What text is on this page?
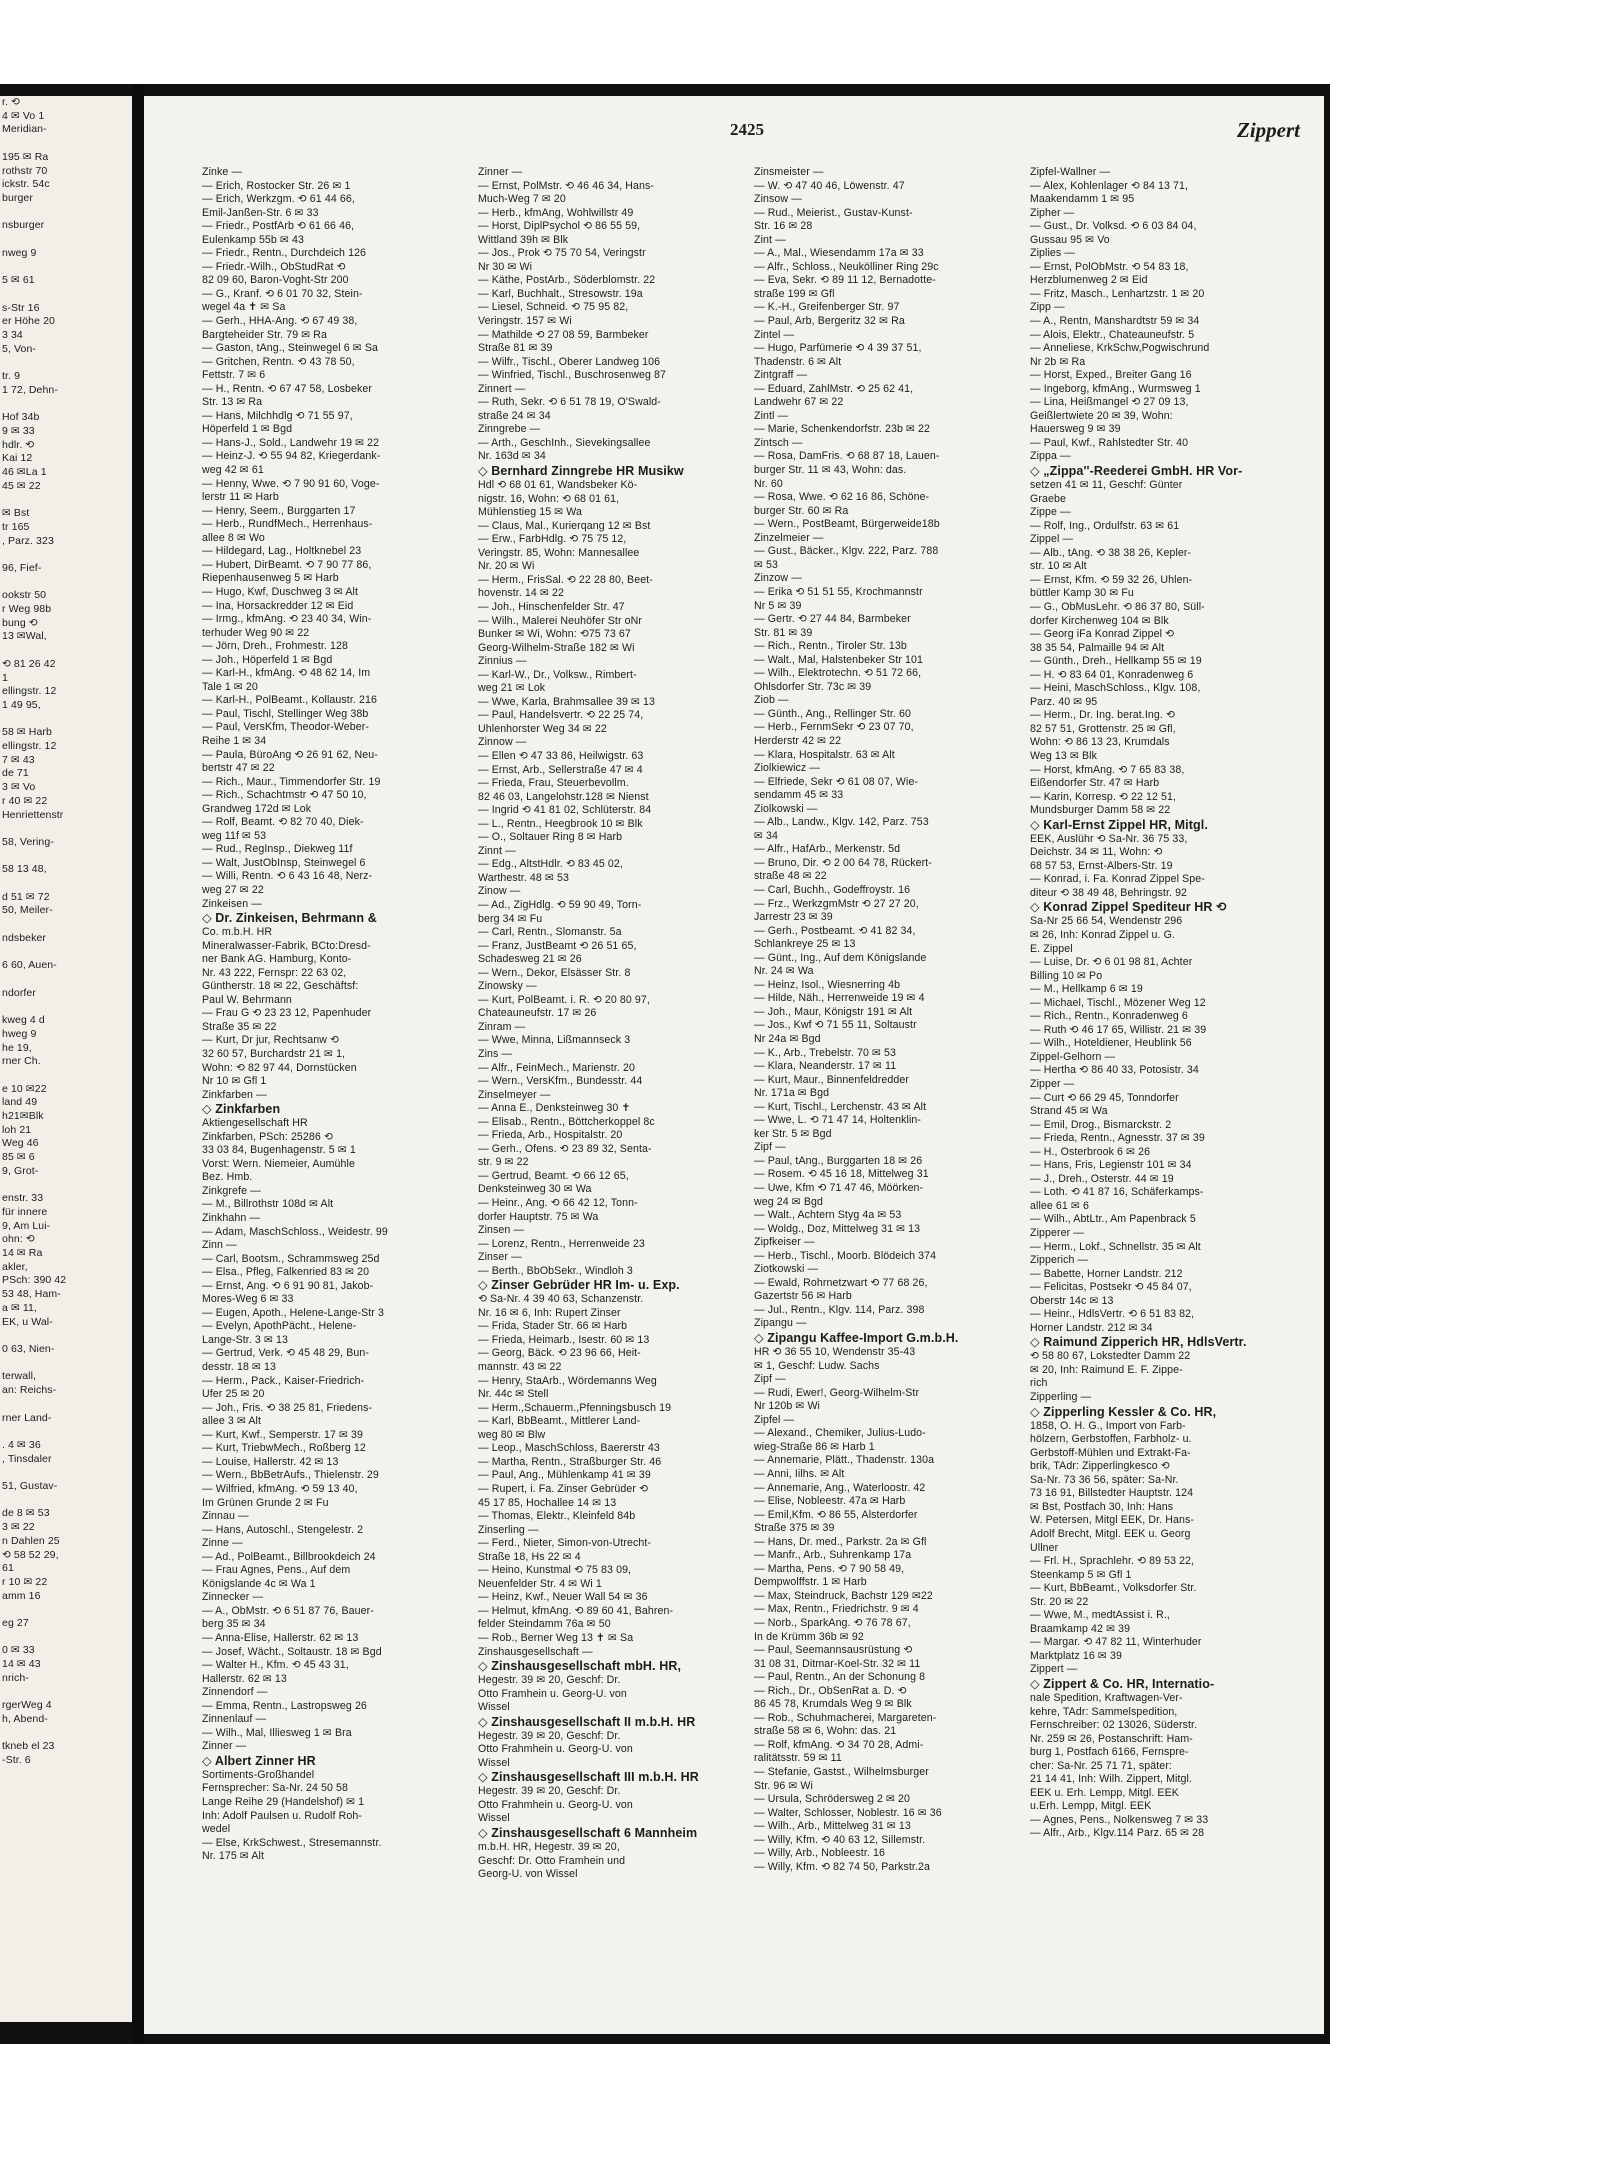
r. ⟲
4 ✉ Vo 1
Meridian-

195 ✉ Ra
rothstr 70
ickstr. 54c
burger

nsburger

nweg 9

5 ✉ 61

s-Str 16
er Höhe 20
3 34
5, Von-

tr. 9
1 72, Dehn-

Hof 34b
9 ✉ 33
hdlr. ⟲
Kai 12
46 ✉La 1
45 ✉ 22

✉ Bst
tr 165
, Parz. 323

96, Fief-

ookstr 50
r Weg 98b
bung ⟲
13 ✉Wal,

⟲ 81 26 42
1
ellingstr. 12
1 49 95,

58 ✉ Harb
ellingstr. 12
7 ✉ 43
de 71
3 ✉ Vo
r 40 ✉ 22
Henriettenstr

58, Vering-

58 13 48,

d 51 ✉ 72
50, Meiler-

ndsbeker

6 60, Auen-

ndorfer

kweg 4 d
hweg 9
he 19,
rner Ch.

e 10 ✉22
land 49
h21✉Blk
loh 21
Weg 46
85 ✉ 6
9, Grot-

enstr. 33
für innere
9, Am Lui-
ohn: ⟲
14 ✉ Ra
akler,
PSch: 390 42
53 48, Ham-
a ✉ 11,
EK, u Wal-

0 63, Nien-

terwall,
an: Reichs-

rner Land-

. 4 ✉ 36
, Tinsdaler

51, Gustav-

de 8 ✉ 53
3 ✉ 22
n Dahlen 25
⟲ 58 52 29,
61
r 10 ✉ 22
amm 16

eg 27

0 ✉ 33
14 ✉ 43
nrich-

rgerWeg 4
h, Abend-

tkneb el 23
-Str. 6
2425	Zippert
Zinke —
— Erich, Rostocker Str. 26 ✉ 1
— Erich, Werkzgm. ⟲ 61 44 66,
Emil-Janßen-Str. 6 ✉ 33
— Friedr., PostfArb ⟲ 61 66 46,
Eulenkamp 55b ✉ 43
— Friedr., Rentn., Durchdeich 126
— Friedr.-Wilh., ObStudRat ⟲
82 09 60, Baron-Voght-Str 200
— G., Kranf. ⟲ 6 01 70 32, Stein-
wegel 4a ✝ ✉ Sa
— Gerh., HHA-Ang. ⟲ 67 49 38,
Bargteheider Str. 79 ✉ Ra
— Gaston, tAng., Steinwegel 6 ✉ Sa
— Gritchen, Rentn. ⟲ 43 78 50,
Fettstr. 7 ✉ 6
— H., Rentn. ⟲ 67 47 58, Losbeker
Str. 13 ✉ Ra
— Hans, Milchhdlg ⟲ 71 55 97,
Höperfeld 1 ✉ Bgd
— Hans-J., Sold., Landwehr 19 ✉ 22
— Heinz-J. ⟲ 55 94 82, Kriegerdank-
weg 42 ✉ 61
— Henny, Wwe. ⟲ 7 90 91 60, Voge-
lerstr 11 ✉ Harb
— Henry, Seem., Burggarten 17
— Herb., RundfMech., Herrenhaus-
allee 8 ✉ Wo
— Hildegard, Lag., Holtknebel 23
— Hubert, DirBeamt. ⟲ 7 90 77 86,
Riepenhausenweg 5 ✉ Harb
— Hugo, Kwf, Duschweg 3 ✉ Alt
— Ina, Horsackredder 12 ✉ Eid
— Irmg., kfmAng. ⟲ 23 40 34, Win-
terhuder Weg 90 ✉ 22
— Jörn, Dreh., Frohmestr. 128
— Joh., Höperfeld 1 ✉ Bgd
— Karl-H., kfmAng. ⟲ 48 62 14, Im
Tale 1 ✉ 20
— Karl-H., PolBeamt., Kollaustr. 216
— Paul, Tischl, Stellinger Weg 38b
— Paul, VersKfm, Theodor-Weber-
Reihe 1 ✉ 34
— Paula, BüroAng ⟲ 26 91 62, Neu-
bertstr 47 ✉ 22
— Rich., Maur., Timmendorfer Str. 19
— Rich., Schachtmstr ⟲ 47 50 10,
Grandweg 172d ✉ Lok
— Rolf, Beamt. ⟲ 82 70 40, Diek-
weg 11f ✉ 53
— Rud., RegInsp., Diekweg 11f
— Walt, JustObInsp, Steinwegel 6
— Willi, Rentn. ⟲ 6 43 16 48, Nerz-
weg 27 ✉ 22
Zinkeisen —
◇ Dr. Zinkeisen, Behrmann &
Co. m.b.H. HR
Mineralwasser-Fabrik, BCto:Dresd-
ner Bank AG. Hamburg, Konto-
Nr. 43 222, Fernspr: 22 63 02,
Güntherstr. 18 ✉ 22, Geschäftsf:
Paul W. Behrmann
— Frau G ⟲ 23 23 12, Papenhuder
Straße 35 ✉ 22
— Kurt, Dr jur, Rechtsanw ⟲
32 60 57, Burchardstr 21 ✉ 1,
Wohn: ⟲ 82 97 44, Dornstücken
Nr 10 ✉ Gfl 1
Zinkfarben —
◇ Zinkfarben
Aktiengesellschaft HR
Zinkfarben, PSch: 25286 ⟲
33 03 84, Bugenhagenstr. 5 ✉ 1
Vorst: Wern. Niemeier, Aumühle
Bez. Hmb.
Zinkgrefe —
— M., Billrothstr 108d ✉ Alt
Zinkhahn —
— Adam, MaschSchloss., Weidestr. 99
Zinn —
— Carl, Bootsm., Schrammsweg 25d
— Elsa., Pfleg, Falkenried 83 ✉ 20
— Ernst, Ang. ⟲ 6 91 90 81, Jakob-
Mores-Weg 6 ✉ 33
— Eugen, Apoth., Helene-Lange-Str 3
— Evelyn, ApothPächt., Helene-
Lange-Str. 3 ✉ 13
— Gertrud, Verk. ⟲ 45 48 29, Bun-
desstr. 18 ✉ 13
— Herm., Pack., Kaiser-Friedrich-
Ufer 25 ✉ 20
— Joh., Fris. ⟲ 38 25 81, Friedens-
allee 3 ✉ Alt
— Kurt, Kwf., Semperstr. 17 ✉ 39
— Kurt, TriebwMech., Roßberg 12
— Louise, Hallerstr. 42 ✉ 13
— Wern., BbBetrAufs., Thielenstr. 29
— Wilfried, kfmAng. ⟲ 59 13 40,
Im Grünen Grunde 2 ✉ Fu
Zinnau —
— Hans, Autoschl., Stengelestr. 2
Zinne —
— Ad., PolBeamt., Billbrookdeich 24
— Frau Agnes, Pens., Auf dem
Königslande 4c ✉ Wa 1
Zinnecker —
— A., ObMstr. ⟲ 6 51 87 76, Bauer-
berg 35 ✉ 34
— Anna-Elise, Hallerstr. 62 ✉ 13
— Josef, Wächt., Soltaustr. 18 ✉ Bgd
— Walter H., Kfm. ⟲ 45 43 31,
Hallerstr. 62 ✉ 13
Zinnendorf —
— Emma, Rentn., Lastropsweg 26
Zinnenlauf —
— Wilh., Mal, Illiesweg 1 ✉ Bra
Zinner —
◇ Albert Zinner HR
Sortiments-Großhandel
Fernsprecher: Sa-Nr. 24 50 58
Lange Reihe 29 (Handelshof) ✉ 1
Inh: Adolf Paulsen u. Rudolf Roh-
wedel
— Else, KrkSchwest., Stresemannstr.
Nr. 175 ✉ Alt
Zinner —
— Ernst, PolMstr. ⟲ 46 46 34, Hans-
Much-Weg 7 ✉ 20
— Herb., kfmAng, Wohlwillstr 49
— Horst, DiplPsychol ⟲ 86 55 59,
Wittland 39h ✉ Blk
— Jos., Prok ⟲ 75 70 54, Veringstr
Nr 30 ✉ Wi
— Käthe, PostArb., Söderblomstr. 22
— Karl, Buchhalt., Stresowstr. 19a
— Liesel, Schneid. ⟲ 75 95 82,
Veringstr. 157 ✉ Wi
— Mathilde ⟲ 27 08 59, Barmbeker
Straße 81 ✉ 39
— Wilfr., Tischl., Oberer Landweg 106
— Winfried, Tischl., Buschrosenweg 87
Zinnert —
— Ruth, Sekr. ⟲ 6 51 78 19, O'Swald-
straße 24 ✉ 34
Zinngrebe —
— Arth., GeschInh., Sievekingsallee
Nr. 163d ✉ 34
◇ Bernhard Zinngrebe HR Musikw
Hdl ⟲ 68 01 61, Wandsbeker Kö-
nigstr. 16, Wohn: ⟲ 68 01 61,
Mühlenstieg 15 ✉ Wa
— Claus, Mal., Kurierqang 12 ✉ Bst
— Erw., FarbHdlg. ⟲ 75 75 12,
Veringstr. 85, Wohn: Mannesallee
Nr. 20 ✉ Wi
— Herm., FrisSal. ⟲ 22 28 80, Beet-
hovenstr. 14 ✉ 22
— Joh., Hinschenfelder Str. 47
— Wilh., Malerei Neuhöfer Str oNr
Bunker ✉ Wi, Wohn: ⟲75 73 67
Georg-Wilhelm-Straße 182 ✉ Wi
Zinnius —
— Karl-W., Dr., Volksw., Rimbert-
weg 21 ✉ Lok
— Wwe, Karla, Brahmsallee 39 ✉ 13
— Paul, Handelsvertr. ⟲ 22 25 74,
Uhlenhorster Weg 34 ✉ 22
Zinnow —
— Ellen ⟲ 47 33 86, Heilwigstr. 63
— Ernst, Arb., Sellerstraße 47 ✉ 4
— Frieda, Frau, Steuerbevollm.
82 46 03, Langelohstr.128 ✉ Nienst
— Ingrid ⟲ 41 81 02, Schlüterstr. 84
— L., Rentn., Heegbrook 10 ✉ Blk
— O., Soltauer Ring 8 ✉ Harb
Zinnt —
— Edg., AltstHdlr. ⟲ 83 45 02,
Warthestr. 48 ✉ 53
Zinow —
— Ad., ZigHdlg. ⟲ 59 90 49, Torn-
berg 34 ✉ Fu
— Carl, Rentn., Slomanstr. 5a
— Franz, JustBeamt ⟲ 26 51 65,
Schadesweg 21 ✉ 26
— Wern., Dekor, Elsässer Str. 8
Zinowsky —
— Kurt, PolBeamt. i. R. ⟲ 20 80 97,
Chateaunеufstr. 17 ✉ 26
Zinram —
— Wwe, Minna, Lißmannseck 3
Zins —
— Alfr., FeinMech., Marienstr. 20
— Wern., VersKfm., Bundesstr. 44
Zinselmeyer —
— Anna E., Denksteinweg 30 ✝
— Elisab., Rentn., Böttcherkoppel 8c
— Frieda, Arb., Hospitalstr. 20
— Gerh., Ofens. ⟲ 23 89 32, Senta-
str. 9 ✉ 22
— Gertrud, Beamt. ⟲ 66 12 65,
Denksteinweg 30 ✉ Wa
— Heinr., Ang. ⟲ 66 42 12, Tonn-
dorfer Hauptstr. 75 ✉ Wa
Zinsen —
— Lorenz, Rentn., Herrenweide 23
Zinser —
— Berth., BbObSekr., Windloh 3
◇ Zinser Gebrüder HR Im- u. Exp.
⟲ Sa-Nr. 4 39 40 63, Schanzenstr.
Nr. 16 ✉ 6, Inh: Rupert Zinser
— Frida, Stader Str. 66 ✉ Harb
— Frieda, Heimarb., Isestr. 60 ✉ 13
— Georg, Bäck. ⟲ 23 96 66, Heit-
mannstr. 43 ✉ 22
— Henry, StaArb., Wördemanns Weg
Nr. 44c ✉ Stell
— Herm.,Schauerm.,Pfenningsbusch 19
— Karl, BbBeamt., Mittlerer Land-
weg 80 ✉ Blw
— Leop., MaschSchloss, Baererstr 43
— Martha, Rentn., Straßburger Str. 46
— Paul, Ang., Mühlenkamp 41 ✉ 39
— Rupert, i. Fa. Zinser Gebrüder ⟲
45 17 85, Hochallee 14 ✉ 13
— Thomas, Elektr., Kleinfeld 84b
Zinserling —
— Ferd., Nieter, Simon-von-Utrecht-
Straße 18, Hs 22 ✉ 4
— Heino, Kunstmal ⟲ 75 83 09,
Neuenfelder Str. 4 ✉ Wi 1
— Heinz, Kwf., Neuer Wall 54 ✉ 36
— Helmut, kfmAng. ⟲ 89 60 41, Bahren-
felder Steindamm 76a ✉ 50
— Rob., Berner Weg 13 ✝ ✉ Sa
Zinshausgesellschaft —
◇ Zinshausgesellschaft mbH. HR,
Hegestr. 39 ✉ 20, Geschf: Dr.
Otto Framhein u. Georg-U. von
Wissel
◇ Zinshausgesellschaft II m.b.H. HR
Hegestr. 39 ✉ 20, Geschf: Dr.
Otto Frahmhein u. Georg-U. von
Wissel
◇ Zinshausgesellschaft III m.b.H. HR
Hegestr. 39 ✉ 20, Geschf: Dr.
Otto Frahmhein u. Georg-U. von
Wissel
◇ Zinshausgesellschaft 6 Mannheim
m.b.H. HR, Hegestr. 39 ✉ 20,
Geschf: Dr. Otto Framhein und
Georg-U. von Wissel
Zinsmeister —
— W. ⟲ 47 40 46, Löwenstr. 47
Zinsow —
— Rud., Meierist., Gustav-Kunst-
Str. 16 ✉ 28
Zint —
— A., Mal., Wiesendamm 17a ✉ 33
— Alfr., Schloss., Neukölliner Ring 29c
— Eva, Sekr. ⟲ 89 11 12, Bernadotte-
straße 199 ✉ Gfl
— K.-H., Greifenberger Str. 97
— Paul, Arb, Bergeritz 32 ✉ Ra
Zintel —
— Hugo, Parfümerie ⟲ 4 39 37 51,
Thadenstr. 6 ✉ Alt
Zintgraff —
— Eduard, ZahlMstr. ⟲ 25 62 41,
Landwehr 67 ✉ 22
Zintl —
— Marie, Schenkendorfstr. 23b ✉ 22
Zintsch —
— Rosa, DamFris. ⟲ 68 87 18, Lauen-
burger Str. 11 ✉ 43, Wohn: das.
Nr. 60
— Rosa, Wwe. ⟲ 62 16 86, Schöne-
burger Str. 60 ✉ Ra
— Wern., PostBeamt, Bürgerweide18b
Zinzelmeier —
— Gust., Bäcker., Klgv. 222, Parz. 788
✉ 53
Zinzow —
— Erika ⟲ 51 51 55, Krochmannstr
Nr 5 ✉ 39
— Gertr. ⟲ 27 44 84, Barmbeker
Str. 81 ✉ 39
— Rich., Rentn., Tiroler Str. 13b
— Walt., Mal, Halstenbeker Str 101
— Wilh., Elektrotechn. ⟲ 51 72 66,
Ohlsdorfer Str. 73c ✉ 39
Ziob —
— Günth., Ang., Rellinger Str. 60
— Herb., FernmSekr ⟲ 23 07 70,
Herderstr 42 ✉ 22
— Klara, Hospitalstr. 63 ✉ Alt
Ziolkiewicz —
— Elfriede, Sekr ⟲ 61 08 07, Wie-
sendamm 45 ✉ 33
Ziolkowski —
— Alb., Landw., Klgv. 142, Parz. 753
✉ 34
— Alfr., HafArb., Merkenstr. 5d
— Bruno, Dir. ⟲ 2 00 64 78, Rückert-
straße 48 ✉ 22
— Carl, Buchh., Godeffroystr. 16
— Frz., WerkzgmMstr ⟲ 27 27 20,
Jarrestr 23 ✉ 39
— Gerh., Postbeamt. ⟲ 41 82 34,
Schlankreye 25 ✉ 13
— Günt., Ing., Auf dem Königslande
Nr. 24 ✉ Wa
— Heinz, Isol., Wiesnerring 4b
— Hilde, Näh., Herrenweide 19 ✉ 4
— Joh., Maur, Königstr 191 ✉ Alt
— Jos., Kwf ⟲ 71 55 11, Soltaustr
Nr 24a ✉ Bgd
— K., Arb., Trebelstr. 70 ✉ 53
— Klara, Neanderstr. 17 ✉ 11
— Kurt, Maur., Binnenfeldredder
Nr. 171a ✉ Bgd
— Kurt, Tischl., Lerchenstr. 43 ✉ Alt
— Wwe, L. ⟲ 71 47 14, Holtenklin-
ker Str. 5 ✉ Bgd
Zipf —
— Paul, tAng., Burggarten 18 ✉ 26
— Rosem. ⟲ 45 16 18, Mittelweg 31
— Uwe, Kfm ⟲ 71 47 46, Möörken-
weg 24 ✉ Bgd
— Walt., Achtern Styg 4a ✉ 53
— Woldg., Doz, Mittelweg 31 ✉ 13
Zipfkeiser —
— Herb., Tischl., Moorb. Blödeich 374
Ziotkowski —
— Ewald, Rohrnetzwart ⟲ 77 68 26,
Gazertstr 56 ✉ Harb
— Jul., Rentn., Klgv. 114, Parz. 398
Zipangu —
◇ Zipangu Kaffee-Import G.m.b.H.
HR ⟲ 36 55 10, Wendenstr 35-43
✉ 1, Geschf: Ludw. Sachs
Zipf —
— Rudi, Ewer!, Georg-Wilhelm-Str
Nr 120b ✉ Wi
Zipfel —
— Alexand., Chemiker, Julius-Ludo-
wieg-Straße 86 ✉ Harb 1
— Annemarie, Plätt., Thadenstr. 130a
— Anni, Iilhs. ✉ Alt
— Annemarie, Ang., Waterloostr. 42
— Elise, Nobleestr. 47a ✉ Harb
— Emil,Kfm. ⟲ 86 55, Alsterdorfer
Straße 375 ✉ 39
— Hans, Dr. med., Parkstr. 2a ✉ Gfl
— Manfr., Arb., Suhrenkamp 17a
— Martha, Pens. ⟲ 7 90 58 49,
Dempwolffstr. 1 ✉ Harb
— Max, Steindruck, Bachstr 129 ✉22
— Max, Rentn., Friedrichstr. 9 ✉ 4
— Norb., SparkAng. ⟲ 76 78 67,
In de Krümm 36b ✉ 92
— Paul, Seemannsausrüstung ⟲
31 08 31, Ditmar-Koel-Str. 32 ✉ 11
— Paul, Rentn., An der Schonung 8
— Rich., Dr., ObSenRat a. D. ⟲
86 45 78, Krumdals Weg 9 ✉ Blk
— Rob., Schuhmacherei, Margareten-
straße 58 ✉ 6, Wohn: das. 21
— Rolf, kfmAng. ⟲ 34 70 28, Admi-
ralitätsstr. 59 ✉ 11
— Stefanie, Gastst., Wilhelmsburger
Str. 96 ✉ Wi
— Ursula, Schrödersweg 2 ✉ 20
— Walter, Schlosser, Noblestr. 16 ✉ 36
— Wilh., Arb., Mittelweg 31 ✉ 13
— Willy, Kfm. ⟲ 40 63 12, Sillemstr.
— Willy, Arb., Nobleestr. 16
— Willy, Kfm. ⟲ 82 74 50, Parkstr.2a
Zipfel-Wallner —
— Alex, Kohlenlager ⟲ 84 13 71,
Maakendamm 1 ✉ 95
Zipher —
— Gust., Dr. Volksd. ⟲ 6 03 84 04,
Gussau 95 ✉ Vo
Ziplies —
— Ernst, PolObMstr. ⟲ 54 83 18,
Herzblumenweg 2 ✉ Eid
— Fritz, Masch., Lenhartzstr. 1 ✉ 20
Zipp —
— A., Rentn, Manshardtstr 59 ✉ 34
— Alois, Elektr., Chateauneufstr. 5
— Anneliese, KrkSchw,Pogwischrund
Nr 2b ✉ Ra
— Horst, Exped., Breiter Gang 16
— Ingeborg, kfmAng., Wurmsweg 1
— Lina, Heißmangel ⟲ 27 09 13,
Geißlertwiete 20 ✉ 39, Wohn:
Hauersweg 9 ✉ 39
— Paul, Kwf., Rahlstedter Str. 40
Zippa —
◇ „Zippa''-Reederei GmbH. HR Vor-
setzen 41 ✉ 11, Geschf: Günter
Graebe
Zippe —
— Rolf, Ing., Ordulfstr. 63 ✉ 61
Zippel —
— Alb., tAng. ⟲ 38 38 26, Kepler-
str. 10 ✉ Alt
— Ernst, Kfm. ⟲ 59 32 26, Uhlen-
büttler Kamp 30 ✉ Fu
— G., ObMusLehr. ⟲ 86 37 80, Süll-
dorfer Kirchenweg 104 ✉ Blk
— Georg iFa Konrad Zippel ⟲
38 35 54, Palmaille 94 ✉ Alt
— Günth., Dreh., Hellkamp 55 ✉ 19
— H. ⟲ 83 64 01, Konradenweg 6
— Heini, MaschSchloss., Klgv. 108,
Parz. 40 ✉ 95
— Herm., Dr. Ing. berat.Ing. ⟲
82 57 51, Grottenstr. 25 ✉ Gfl,
Wohn: ⟲ 86 13 23, Krumdals
Weg 13 ✉ Blk
— Horst, kfmAng. ⟲ 7 65 83 38,
Eißendorfer Str. 47 ✉ Harb
— Karin, Korresp. ⟲ 22 12 51,
Mundsburger Damm 58 ✉ 22
◇ Karl-Ernst Zippel HR, Mitgl.
EEK, Auslühr ⟲ Sa-Nr. 36 75 33,
Deichstr. 34 ✉ 11, Wohn: ⟲
68 57 53, Ernst-Albers-Str. 19
— Konrad, i. Fa. Konrad Zippel Spe-
diteur ⟲ 38 49 48, Behringstr. 92
◇ Konrad Zippel Spediteur HR ⟲
Sa-Nr 25 66 54, Wendenstr 296
✉ 26, Inh: Konrad Zippel u. G.
E. Zippel
— Luise, Dr. ⟲ 6 01 98 81, Achter
Billing 10 ✉ Po
— M., Hellkamp 6 ✉ 19
— Michael, Tischl., Mözener Weg 12
— Rich., Rentn., Konradenweg 6
— Ruth ⟲ 46 17 65, Willistr. 21 ✉ 39
— Wilh., Hoteldiener, Heublink 56
Zippel-Gelhorn —
— Hertha ⟲ 86 40 33, Potosistr. 34
Zipper —
— Curt ⟲ 66 29 45, Tonndorfer
Strand 45 ✉ Wa
— Emil, Drog., Bismarckstr. 2
— Frieda, Rentn., Agnesstr. 37 ✉ 39
— H., Osterbrook 6 ✉ 26
— Hans, Fris, Legienstr 101 ✉ 34
— J., Dreh., Osterstr. 44 ✉ 19
— Loth. ⟲ 41 87 16, Schäferkamps-
allee 61 ✉ 6
— Wilh., AbtLtr., Am Papenbrack 5
Zipperer —
— Herm., Lokf., Schnellstr. 35 ✉ Alt
Zipperich —
— Babette, Horner Landstr. 212
— Felicitas, Postsekr ⟲ 45 84 07,
Oberstr 14c ✉ 13
— Heinr., HdlsVertr. ⟲ 6 51 83 82,
Horner Landstr. 212 ✉ 34
◇ Raimund Zipperich HR, HdlsVertr.
⟲ 58 80 67, Lokstedter Damm 22
✉ 20, Inh: Raimund E. F. Zippe-
rich
Zipperling —
◇ Zipperling Kessler & Co. HR,
1858, O. H. G., Import von Farb-
hölzern, Gerbstoffen, Farbholz- u.
Gerbstoff-Mühlen und Extrakt-Fa-
brik, TAdr: Zipperlingkesco ⟲
Sa-Nr. 73 36 56, später: Sa-Nr.
73 16 91, Billstedter Hauptstr. 124
✉ Bst, Postfach 30, Inh: Hans
W. Petersen, Mitgl EEK, Dr. Hans-
Adolf Brecht, Mitgl. EEK u. Georg
Ullner
— Frl. H., Sprachlehr. ⟲ 89 53 22,
Steenkamp 5 ✉ Gfl 1
— Kurt, BbBeamt., Volksdorfer Str.
Str. 20 ✉ 22
— Wwe, M., medtAssist i. R.,
Braamkamp 42 ✉ 39
— Margar. ⟲ 47 82 11, Winterhuder
Marktplatz 16 ✉ 39
Zippert —
◇ Zippert & Co. HR, Internatio-
nale Spedition, Kraftwagen-Ver-
kehre, TAdr: Sammelspedition,
Fernschreiber: 02 13026, Süderstr.
Nr. 259 ✉ 26, Postanschrift: Ham-
burg 1, Postfach 6166, Fernspre-
cher: Sa-Nr. 25 71 71, später:
21 14 41, Inh: Wilh. Zippert, Mitgl.
EEK u. Erh. Lempp, Mitgl. EEK
u.Erh. Lempp, Mitgl. EEK
— Agnes, Pens., Nolkensweg 7 ✉ 33
— Alfr., Arb., Klgv.114 Parz. 65 ✉ 28
